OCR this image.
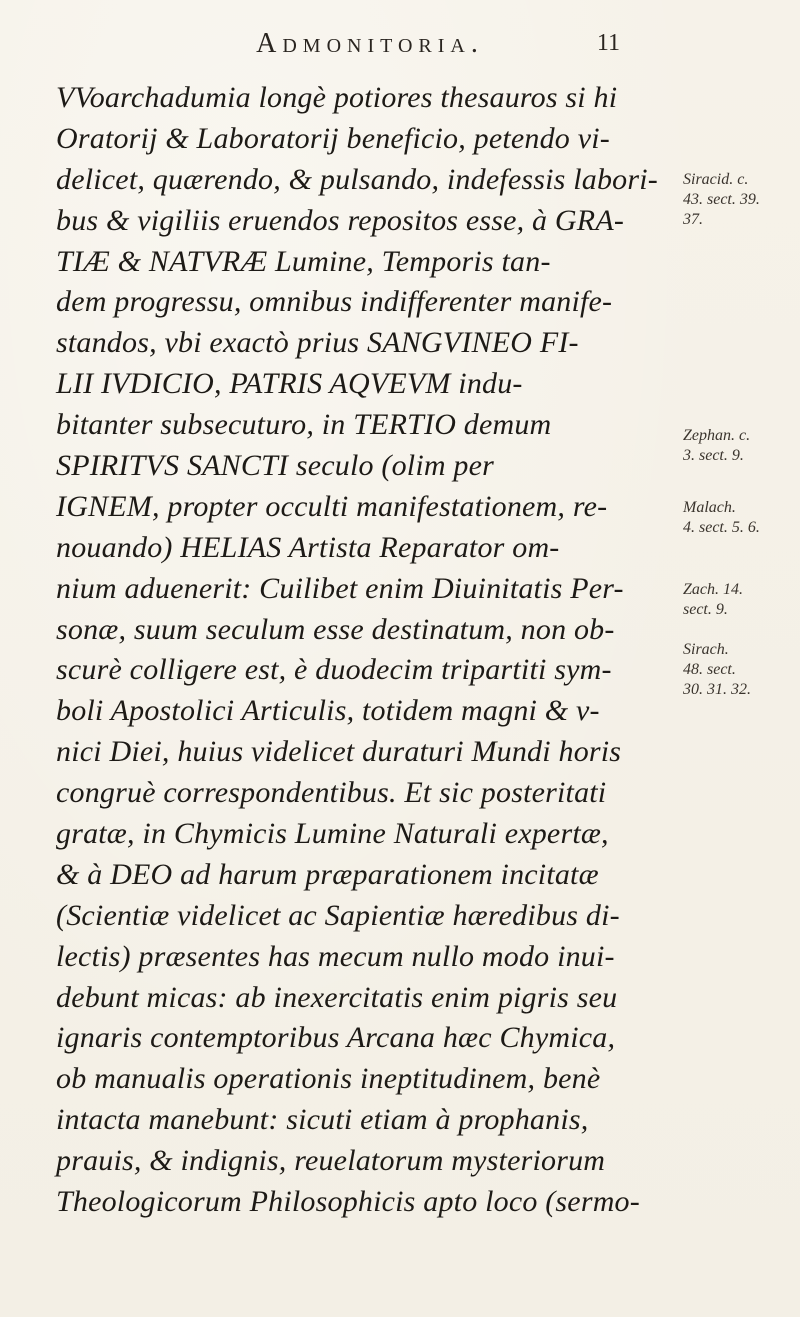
Admonitoria.	11
VVoarchadumia longè potiores thesauros si hi
Oratorij & Laboratorij beneficio, petendo vi-
delicet, quærendo, & pulsando, indefessis labori-
bus & vigiliis eruendos repositos esse, à GRA-
TIÆ & NATVRÆ Lumine, Temporis tan-
dem progressu, omnibus indifferenter manife-
standos, vbi exactò prius SANGVINEO FI-
LII IVDICIO, PATRIS AQVEVM indu-
bitanter subsecuturo, in TERTIO demum
SPIRITVS SANCTI seculo (olim per
IGNEM, propter occulti manifestationem, re-
nouando) HELIAS Artista Reparator om-
nium aduenerit: Cuilibet enim Diuinitatis Per-
sonæ, suum seculum esse destinatum, non ob-
scurè colligere est, è duodecim tripartiti sym-
boli Apostolici Articulis, totidem magni & v-
nici Diei, huius videlicet duraturi Mundi horis
congruè correspondentibus. Et sic posteritati
gratæ, in Chymicis Lumine Naturali expertæ,
& à DEO ad harum præparationem incitatæ
(Scientiæ videlicet ac Sapientiæ hæredibus di-
lectis) præsentes has mecum nullo modo inui-
debunt micas: ab inexercitatis enim pigris seu
ignaris contemptoribus Arcana hæc Chymica,
ob manualis operationis ineptitudinem, benè
intacta manebunt: sicuti etiam à prophanis,
prauis, & indignis, reuelatorum mysteriorum
Theologicorum Philosophicis apto loco (sermo-
Siracid. c.
43. sect. 39.
37.
Zephan. c.
3. sect. 9.
Malach.
4. sect. 5. 6.
Zach. 14.
sect. 9.
Sirach.
48. sect.
30. 31. 32.
